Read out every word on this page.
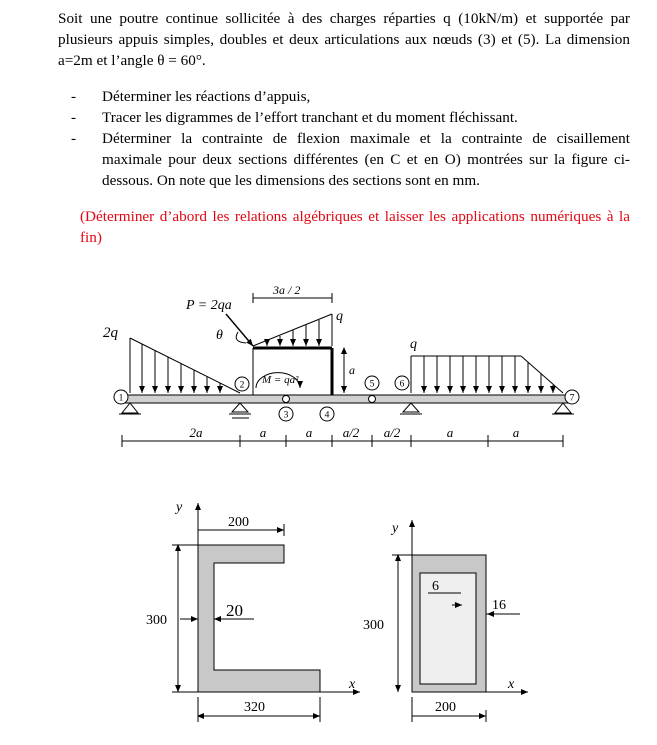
Soit une poutre continue sollicitée à des charges réparties q (10kN/m) et supportée par plusieurs appuis simples, doubles et deux articulations aux nœuds (3) et (5). La dimension a=2m et l’angle θ = 60°.
- Déterminer les réactions d’appuis,
- Tracer les digrammes de l’effort tranchant et du moment fléchissant.
- Déterminer la contrainte de flexion maximale et la contrainte de cisaillement maximale pour deux sections différentes (en C et en O) montrées sur la figure ci-dessous. On note que les dimensions des sections sont en mm.
(Déterminer d’abord les relations algébriques et laisser les applications numériques à la fin)
P = 2qa
3a / 2
2q
q
q
θ
M = qa²
a
1
2
3	4
5	6
7
2a	a	a a/2 a/2	a	a
y
x
200
300
20
320
y
x
300
6
16
200
